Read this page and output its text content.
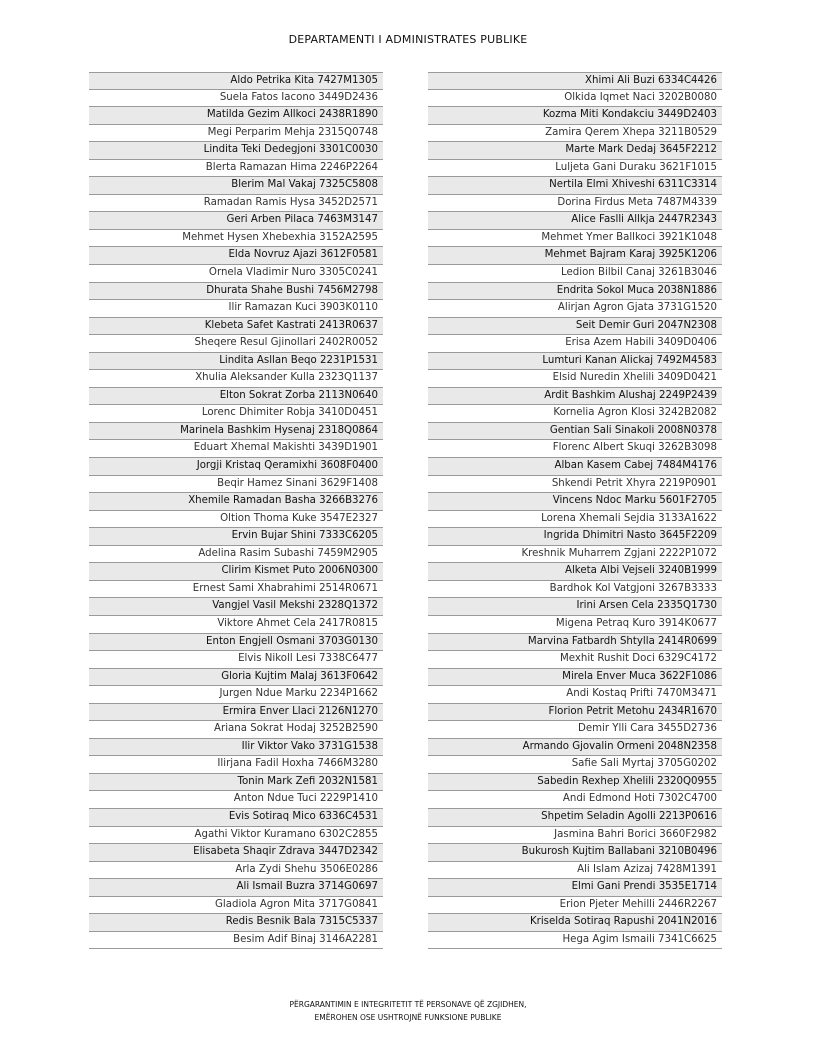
DEPARTAMENTI I ADMINISTRATES PUBLIKE
Aldo Petrika Kita 7427M1305
Suela Fatos Iacono 3449D2436
Matilda Gezim Allkoci 2438R1890
Megi Perparim Mehja 2315Q0748
Lindita Teki Dedegjoni 3301C0030
Blerta Ramazan Hima 2246P2264
Blerim Mal Vakaj 7325C5808
Ramadan Ramis Hysa 3452D2571
Geri Arben Pilaca 7463M3147
Mehmet Hysen Xhebexhia 3152A2595
Elda Novruz Ajazi 3612F0581
Ornela Vladimir Nuro 3305C0241
Dhurata Shahe Bushi 7456M2798
Ilir Ramazan Kuci 3903K0110
Klebeta Safet Kastrati 2413R0637
Sheqere Resul Gjinollari 2402R0052
Lindita Asllan Beqo 2231P1531
Xhulia Aleksander Kulla 2323Q1137
Elton Sokrat Zorba 2113N0640
Lorenc Dhimiter Robja 3410D0451
Marinela Bashkim Hysenaj 2318Q0864
Eduart Xhemal Makishti 3439D1901
Jorgji Kristaq Qeramixhi 3608F0400
Beqir Hamez Sinani 3629F1408
Xhemile Ramadan Basha 3266B3276
Oltion Thoma Kuke 3547E2327
Ervin Bujar Shini 7333C6205
Adelina Rasim Subashi 7459M2905
Clirim Kismet Puto 2006N0300
Ernest Sami Xhabrahimi 2514R0671
Vangjel Vasil Mekshi 2328Q1372
Viktore Ahmet Cela 2417R0815
Enton Engjell Osmani 3703G0130
Elvis Nikoll Lesi 7338C6477
Gloria Kujtim Malaj 3613F0642
Jurgen Ndue Marku 2234P1662
Ermira Enver Llaci 2126N1270
Ariana Sokrat Hodaj 3252B2590
Ilir Viktor Vako 3731G1538
Ilirjana Fadil Hoxha 7466M3280
Tonin Mark Zefi 2032N1581
Anton Ndue Tuci 2229P1410
Evis Sotiraq Mico 6336C4531
Agathi Viktor Kuramano 6302C2855
Elisabeta Shaqir Zdrava 3447D2342
Arla Zydi Shehu 3506E0286
Ali Ismail Buzra 3714G0697
Gladiola Agron Mita 3717G0841
Redis Besnik Bala 7315C5337
Besim Adif Binaj 3146A2281
Xhimi Ali Buzi 6334C4426
Olkida Iqmet Naci 3202B0080
Kozma Miti Kondakciu 3449D2403
Zamira Qerem Xhepa 3211B0529
Marte Mark Dedaj 3645F2212
Luljeta Gani Duraku 3621F1015
Nertila Elmi Xhiveshi 6311C3314
Dorina Firdus Meta 7487M4339
Alice Faslli Allkja 2447R2343
Mehmet Ymer Ballkoci 3921K1048
Mehmet Bajram Karaj 3925K1206
Ledion Bilbil Canaj 3261B3046
Endrita Sokol Muca 2038N1886
Alirjan Agron Gjata 3731G1520
Seit Demir Guri 2047N2308
Erisa Azem Habili 3409D0406
Lumturi Kanan Alickaj 7492M4583
Elsid Nuredin Xhelili 3409D0421
Ardit Bashkim Alushaj 2249P2439
Kornelia Agron Klosi 3242B2082
Gentian Sali Sinakoli 2008N0378
Florenc Albert Skuqi 3262B3098
Alban Kasem Cabej 7484M4176
Shkendi Petrit Xhyra 2219P0901
Vincens Ndoc Marku 5601F2705
Lorena Xhemali Sejdia 3133A1622
Ingrida Dhimitri Nasto 3645F2209
Kreshnik Muharrem Zgjani 2222P1072
Alketa Albi Vejseli 3240B1999
Bardhok Kol Vatgjoni 3267B3333
Irini Arsen Cela 2335Q1730
Migena Petraq Kuro 3914K0677
Marvina Fatbardh Shtylla 2414R0699
Mexhit Rushit Doci 6329C4172
Mirela Enver Muca 3622F1086
Andi Kostaq Prifti 7470M3471
Florion Petrit Metohu 2434R1670
Demir Ylli Cara 3455D2736
Armando Gjovalin Ormeni 2048N2358
Safie Sali Myrtaj 3705G0202
Sabedin Rexhep Xhelili 2320Q0955
Andi Edmond Hoti 7302C4700
Shpetim Seladin Agolli 2213P0616
Jasmina Bahri Borici 3660F2982
Bukurosh Kujtim Ballabani 3210B0496
Ali Islam Azizaj 7428M1391
Elmi Gani Prendi 3535E1714
Erion Pjeter Mehilli 2446R2267
Kriselda Sotiraq Rapushi 2041N2016
Hega Agim Ismaili 7341C6625
PËRGARANTIMIN E INTEGRITETIT TË PERSONAVE QË ZGJIDHEN,
EMËROHEN OSE USHTROJNË FUNKSIONE PUBLIKE
